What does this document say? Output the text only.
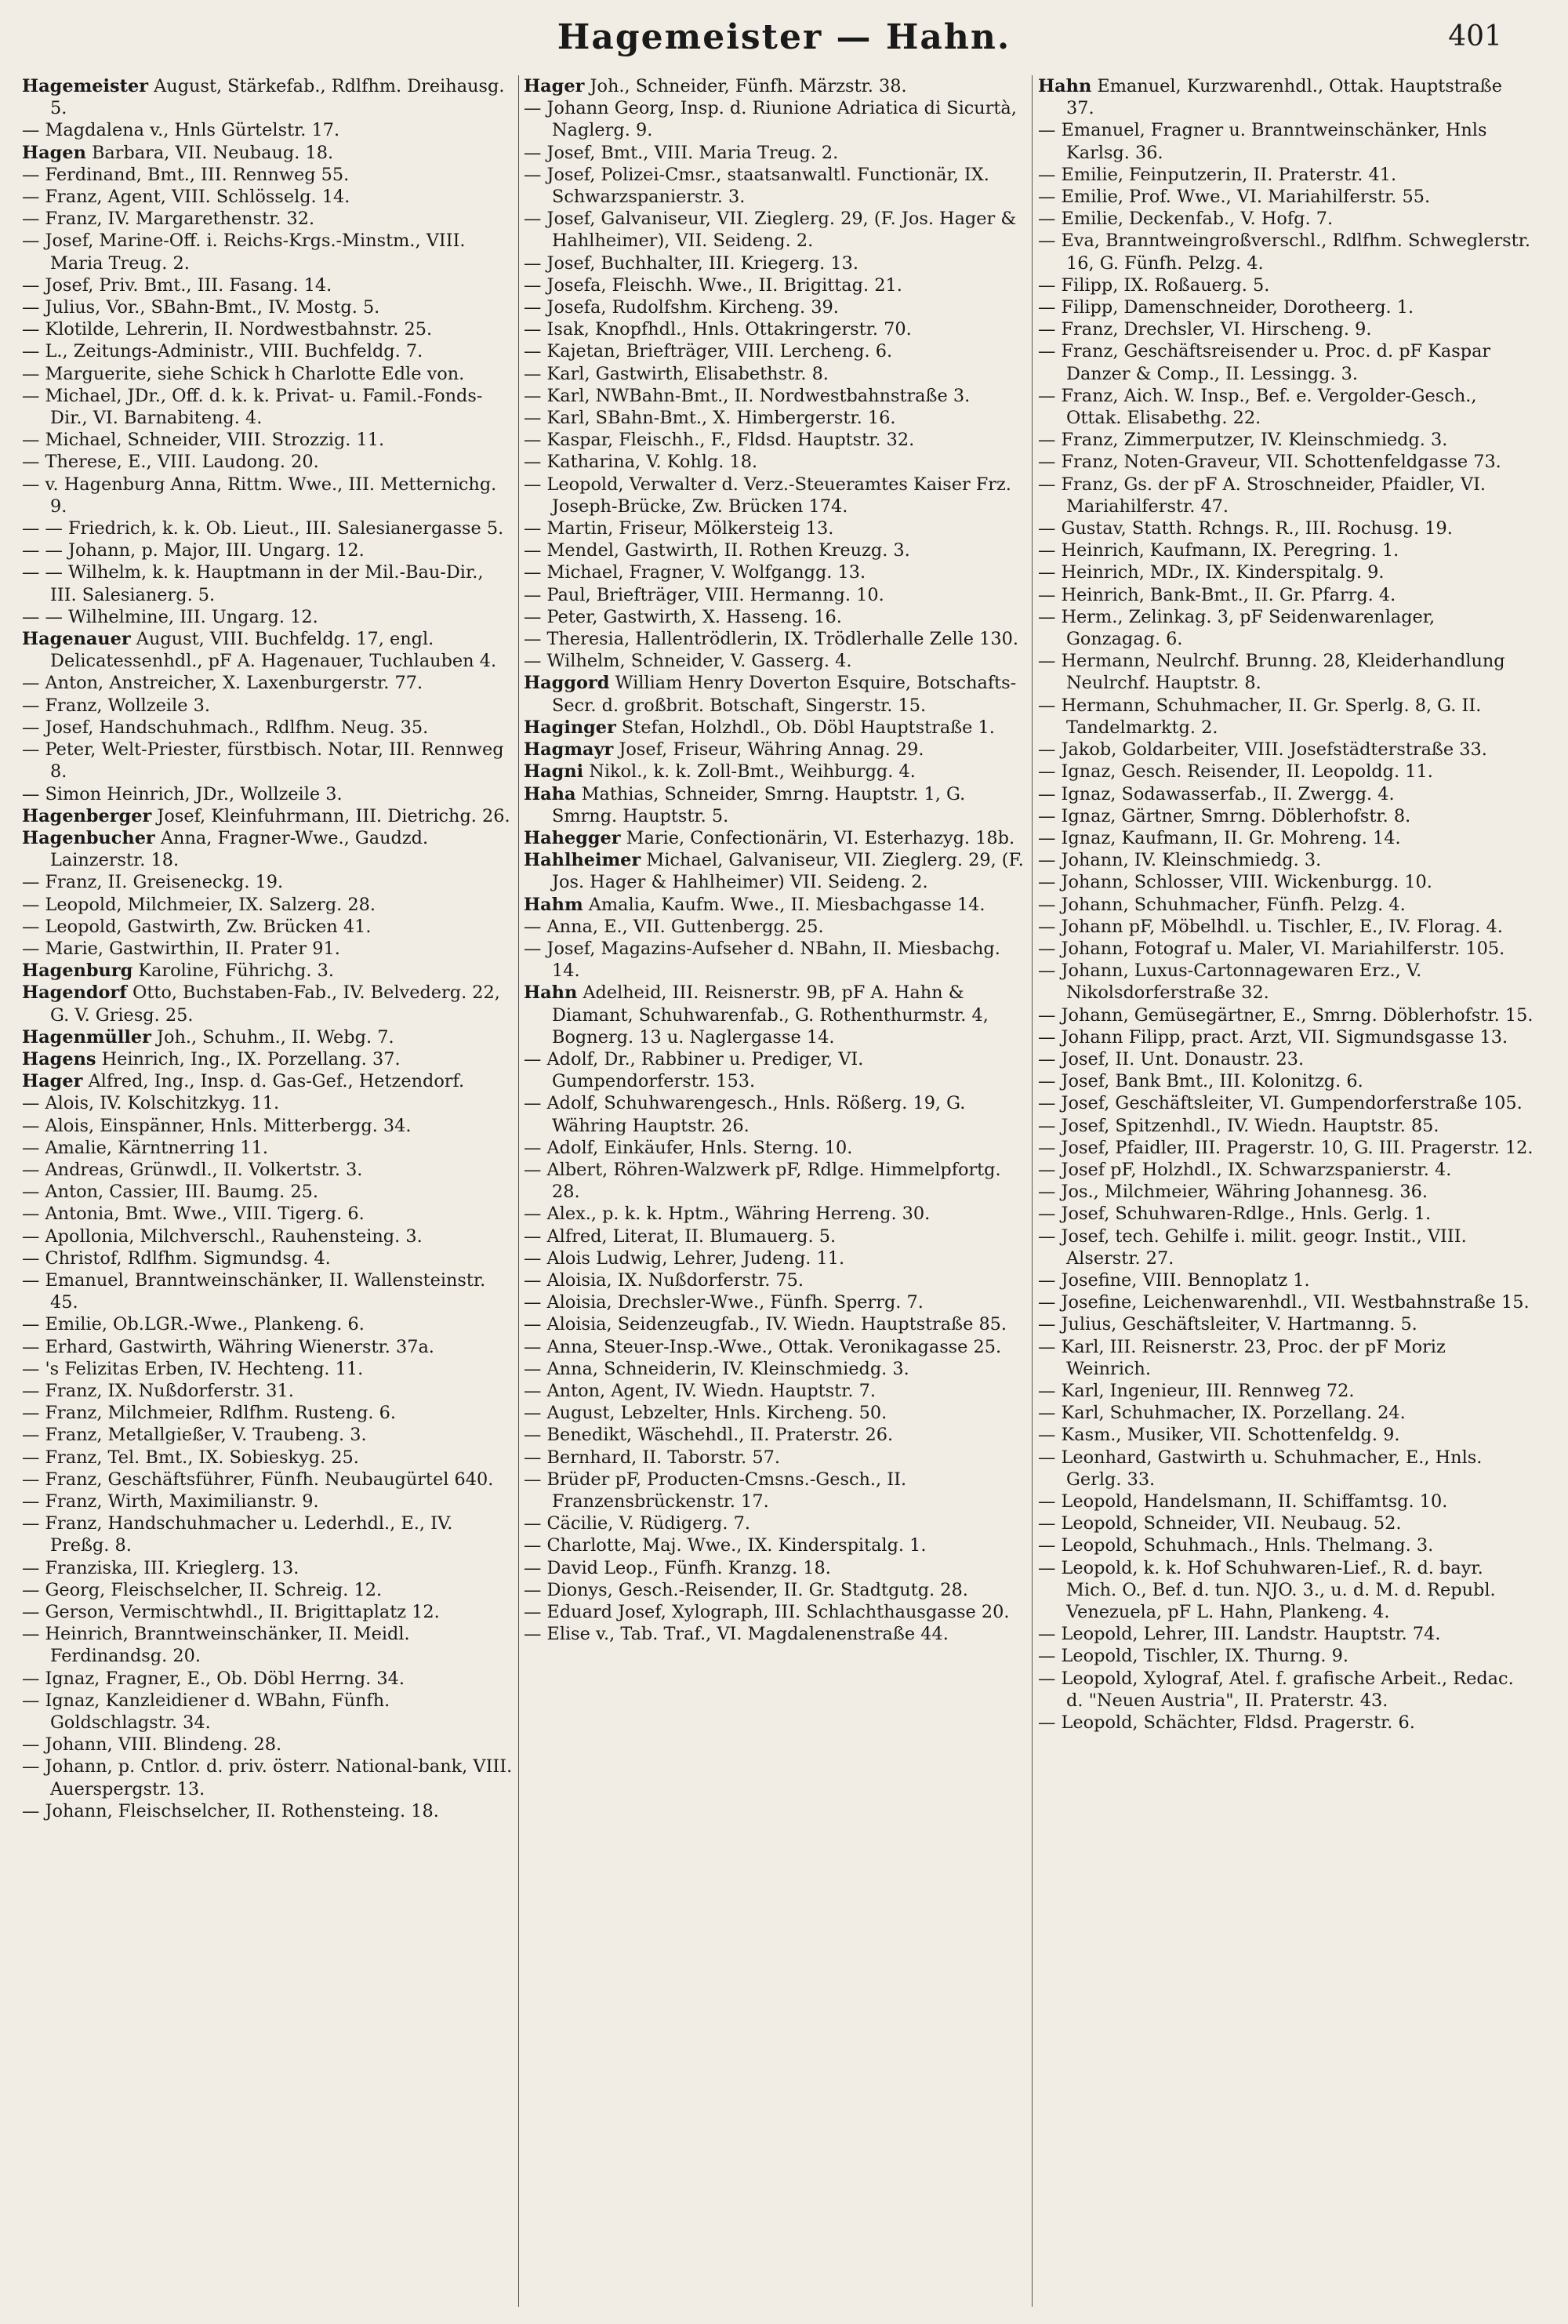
Hagemeister — Hahn.	401
Hagemeister August, Stärkefab., Rdlfhm. Dreihausg. 5.
— Magdalena v., Hnls Gürtelstr. 17.
Hagen Barbara, VII. Neubaug. 18.
— Ferdinand, Bmt., III. Rennweg 55.
— Franz, Agent, VIII. Schlösselg. 14.
— Franz, IV. Margarethenstr. 32.
— Josef, Marine-Off. i. Reichs-Krgs.-Minstm., VIII. Maria Treug. 2.
— Josef, Priv. Bmt., III. Fasang. 14.
— Julius, Vor., SBahn-Bmt., IV. Mostg. 5.
— Klotilde, Lehrerin, II. Nordwestbahnstr. 25.
— L., Zeitungs-Administr., VIII. Buchfeldg. 7.
— Marguerite, siehe Schick h Charlotte Edle von.
— Michael, JDr., Off. d. k. k. Privat- u. Famil.-Fonds-Dir., VI. Barnabiteng. 4.
— Michael, Schneider, VIII. Strozzig. 11.
— Therese, E., VIII. Laudong. 20.
— v. Hagenburg Anna, Rittm. Wwe., III. Metternichg. 9.
— — Friedrich, k. k. Ob. Lieut., III. Salesianergasse 5.
— — Johann, p. Major, III. Ungarg. 12.
— — Wilhelm, k. k. Hauptmann in der Mil.-Bau-Dir., III. Salesianerg. 5.
— — Wilhelmine, III. Ungarg. 12.
Hagenauer August, VIII. Buchfeldg. 17, engl. Delicatessenhdl., pF A. Hagenauer, Tuchlauben 4.
— Anton, Anstreicher, X. Laxenburgerstr. 77.
— Franz, Wollzeile 3.
— Josef, Handschuhmach., Rdlfhm. Neug. 35.
— Peter, Welt-Priester, fürstbisch. Notar, III. Rennweg 8.
— Simon Heinrich, JDr., Wollzeile 3.
Hagenberger Josef, Kleinfuhrmann, III. Dietrichg. 26.
Hagenbucher Anna, Fragner-Wwe., Gaudzd. Lainzerstr. 18.
— Franz, II. Greiseneckg. 19.
— Leopold, Milchmeier, IX. Salzerg. 28.
— Leopold, Gastwirth, Zw. Brücken 41.
— Marie, Gastwirthin, II. Prater 91.
Hagenburg Karoline, Führichg. 3.
Hagendorf Otto, Buchstaben-Fab., IV. Belvederg. 22, G. V. Griesg. 25.
Hagenmüller Joh., Schuhm., II. Webg. 7.
Hagens Heinrich, Ing., IX. Porzellang. 37.
Hager Alfred, Ing., Insp. d. Gas-Gef., Hetzendorf.
— Alois, IV. Kolschitzkyg. 11.
— Alois, Einspänner, Hnls. Mitterbergg. 34.
— Amalie, Kärntnerring 11.
— Andreas, Grünwdl., II. Volkertstr. 3.
— Anton, Cassier, III. Baumg. 25.
— Antonia, Bmt. Wwe., VIII. Tigerg. 6.
— Apollonia, Milchverschl., Rauhensteing. 3.
— Christof, Rdlfhm. Sigmundsg. 4.
— Emanuel, Branntweinschänker, II. Wallensteinstr. 45.
— Emilie, Ob.LGR.-Wwe., Plankeng. 6.
— Erhard, Gastwirth, Währing Wienerstr. 37a.
— 's Felizitas Erben, IV. Hechteng. 11.
— Franz, IX. Nußdorferstr. 31.
— Franz, Milchmeier, Rdlfhm. Rusteng. 6.
— Franz, Metallgießer, V. Traubeng. 3.
— Franz, Tel. Bmt., IX. Sobieskyg. 25.
— Franz, Geschäftsführer, Fünfh. Neubaugürtel 640.
— Franz, Wirth, Maximilianstr. 9.
— Franz, Handschuhmacher u. Lederhdl., E., IV. Preßg. 8.
— Franziska, III. Krieglerg. 13.
— Georg, Fleischselcher, II. Schreig. 12.
— Gerson, Vermischtwhdl., II. Brigittaplatz 12.
— Heinrich, Branntweinschänker, II. Meidl. Ferdinandsg. 20.
— Ignaz, Fragner, E., Ob. Döbl Herrng. 34.
— Ignaz, Kanzleidiener d. WBahn, Fünfh. Goldschlagstr. 34.
— Johann, VIII. Blindeng. 28.
— Johann, p. Cntlor. d. priv. österr. National-bank, VIII. Auerspergstr. 13.
— Johann, Fleischselcher, II. Rothensteing. 18.
Hager Joh., Schneider, Fünfh. Märzstr. 38.
— Johann Georg, Insp. d. Riunione Adriatica di Sicurtà, Naglerg. 9.
— Josef, Bmt., VIII. Maria Treug. 2.
— Josef, Polizei-Cmsr., staatsanwaltl. Functionär, IX. Schwarzspanierstr. 3.
— Josef, Galvaniseur, VII. Zieglerg. 29, (F. Jos. Hager & Hahlheimer), VII. Seideng. 2.
— Josef, Buchhalter, III. Kriegerg. 13.
— Josefa, Fleischh. Wwe., II. Brigittag. 21.
— Josefa, Rudolfshm. Kircheng. 39.
— Isak, Knopfhdl., Hnls. Ottakringerstr. 70.
— Kajetan, Briefträger, VIII. Lercheng. 6.
— Karl, Gastwirth, Elisabethstr. 8.
— Karl, NWBahn-Bmt., II. Nordwestbahnstraße 3.
— Karl, SBahn-Bmt., X. Himbergerstr. 16.
— Kaspar, Fleischh., F., Fldsd. Hauptstr. 32.
— Katharina, V. Kohlg. 18.
— Leopold, Verwalter d. Verz.-Steueramtes Kaiser Frz. Joseph-Brücke, Zw. Brücken 174.
— Martin, Friseur, Mölkersteig 13.
— Mendel, Gastwirth, II. Rothen Kreuzg. 3.
— Michael, Fragner, V. Wolfgangg. 13.
— Paul, Briefträger, VIII. Hermanng. 10.
— Peter, Gastwirth, X. Hasseng. 16.
— Theresia, Hallentrödlerin, IX. Trödlerhalle Zelle 130.
— Wilhelm, Schneider, V. Gasserg. 4.
Haggord William Henry Doverton Esquire, Botschafts-Secr. d. großbrit. Botschaft, Singerstr. 15.
Haginger Stefan, Holzhdl., Ob. Döbl Hauptstraße 1.
Hagmayr Josef, Friseur, Währing Annag. 29.
Hagni Nikol., k. k. Zoll-Bmt., Weihburgg. 4.
Haha Mathias, Schneider, Smrng. Hauptstr. 1, G. Smrng. Hauptstr. 5.
Hahegger Marie, Confectionärin, VI. Esterhazyg. 18b.
Hahlheimer Michael, Galvaniseur, VII. Zieglerg. 29, (F. Jos. Hager & Hahlheimer) VII. Seideng. 2.
Hahm Amalia, Kaufm. Wwe., II. Miesbachgasse 14.
— Anna, E., VII. Guttenbergg. 25.
— Josef, Magazins-Aufseher d. NBahn, II. Miesbachg. 14.
Hahn Adelheid, III. Reisnerstr. 9B, pF A. Hahn & Diamant, Schuhwarenfab., G. Rothenthurmstr. 4, Bognerg. 13 u. Naglergasse 14.
— Adolf, Dr., Rabbiner u. Prediger, VI. Gumpendorferstr. 153.
— Adolf, Schuhwarengesch., Hnls. Rößerg. 19, G. Währing Hauptstr. 26.
— Adolf, Einkäufer, Hnls. Sterng. 10.
— Albert, Röhren-Walzwerk pF, Rdlge. Himmelpfortg. 28.
— Alex., p. k. k. Hptm., Währing Herreng. 30.
— Alfred, Literat, II. Blumauerg. 5.
— Alois Ludwig, Lehrer, Judeng. 11.
— Aloisia, IX. Nußdorferstr. 75.
— Aloisia, Drechsler-Wwe., Fünfh. Sperrg. 7.
— Aloisia, Seidenzeugfab., IV. Wiedn. Hauptstraße 85.
— Anna, Steuer-Insp.-Wwe., Ottak. Veronikagasse 25.
— Anna, Schneiderin, IV. Kleinschmiedg. 3.
— Anton, Agent, IV. Wiedn. Hauptstr. 7.
— August, Lebzelter, Hnls. Kircheng. 50.
— Benedikt, Wäschehdl., II. Praterstr. 26.
— Bernhard, II. Taborstr. 57.
— Brüder pF, Producten-Cmsns.-Gesch., II. Franzensbrückenstr. 17.
— Cäcilie, V. Rüdigerg. 7.
— Charlotte, Maj. Wwe., IX. Kinderspitalg. 1.
— David Leop., Fünfh. Kranzg. 18.
— Dionys, Gesch.-Reisender, II. Gr. Stadtgutg. 28.
— Eduard Josef, Xylograph, III. Schlachthausgasse 20.
— Elise v., Tab. Traf., VI. Magdalenenstraße 44.
Hahn Emanuel, Kurzwarenhdl., Ottak. Hauptstraße 37.
— Emanuel, Fragner u. Branntweinschänker, Hnls Karlsg. 36.
— Emilie, Feinputzerin, II. Praterstr. 41.
— Emilie, Prof. Wwe., VI. Mariahilferstr. 55.
— Emilie, Deckenfab., V. Hofg. 7.
— Eva, Branntweingroßverschl., Rdlfhm. Schweglerstr. 16, G. Fünfh. Pelzg. 4.
— Filipp, IX. Roßauerg. 5.
— Filipp, Damenschneider, Dorotheerg. 1.
— Franz, Drechsler, VI. Hirscheng. 9.
— Franz, Geschäftsreisender u. Proc. d. pF Kaspar Danzer & Comp., II. Lessingg. 3.
— Franz, Aich. W. Insp., Bef. e. Vergolder-Gesch., Ottak. Elisabethg. 22.
— Franz, Zimmerputzer, IV. Kleinschmiedg. 3.
— Franz, Noten-Graveur, VII. Schottenfeldgasse 73.
— Franz, Gs. der pF A. Stroschneider, Pfaidler, VI. Mariahilferstr. 47.
— Gustav, Statth. Rchngs. R., III. Rochusg. 19.
— Heinrich, Kaufmann, IX. Peregring. 1.
— Heinrich, MDr., IX. Kinderspitalg. 9.
— Heinrich, Bank-Bmt., II. Gr. Pfarrg. 4.
— Herm., Zelinkag. 3, pF Seidenwarenlager, Gonzagag. 6.
— Hermann, Neulrchf. Brunng. 28, Kleiderhandlung Neulrchf. Hauptstr. 8.
— Hermann, Schuhmacher, II. Gr. Sperlg. 8, G. II. Tandelmarktg. 2.
— Jakob, Goldarbeiter, VIII. Josefstädterstraße 33.
— Ignaz, Gesch. Reisender, II. Leopoldg. 11.
— Ignaz, Sodawasserfab., II. Zwergg. 4.
— Ignaz, Gärtner, Smrng. Döblerhofstr. 8.
— Ignaz, Kaufmann, II. Gr. Mohreng. 14.
— Johann, IV. Kleinschmiedg. 3.
— Johann, Schlosser, VIII. Wickenburgg. 10.
— Johann, Schuhmacher, Fünfh. Pelzg. 4.
— Johann pF, Möbelhdl. u. Tischler, E., IV. Florag. 4.
— Johann, Fotograf u. Maler, VI. Mariahilferstr. 105.
— Johann, Luxus-Cartonnagewaren Erz., V. Nikolsdorferstraße 32.
— Johann, Gemüsegärtner, E., Smrng. Döblerhofstr. 15.
— Johann Filipp, pract. Arzt, VII. Sigmundsgasse 13.
— Josef, II. Unt. Donaustr. 23.
— Josef, Bank Bmt., III. Kolonitzg. 6.
— Josef, Geschäftsleiter, VI. Gumpendorferstraße 105.
— Josef, Spitzenhdl., IV. Wiedn. Hauptstr. 85.
— Josef, Pfaidler, III. Pragerstr. 10, G. III. Pragerstr. 12.
— Josef pF, Holzhdl., IX. Schwarzspanierstr. 4.
— Jos., Milchmeier, Währing Johannesg. 36.
— Josef, Schuhwaren-Rdlge., Hnls. Gerlg. 1.
— Josef, tech. Gehilfe i. milit. geogr. Instit., VIII. Alserstr. 27.
— Josefine, VIII. Bennoplatz 1.
— Josefine, Leichenwarenhdl., VII. Westbahnstraße 15.
— Julius, Geschäftsleiter, V. Hartmanng. 5.
— Karl, III. Reisnerstr. 23, Proc. der pF Moriz Weinrich.
— Karl, Ingenieur, III. Rennweg 72.
— Karl, Schuhmacher, IX. Porzellang. 24.
— Kasm., Musiker, VII. Schottenfeldg. 9.
— Leonhard, Gastwirth u. Schuhmacher, E., Hnls. Gerlg. 33.
— Leopold, Handelsmann, II. Schiffamtsg. 10.
— Leopold, Schneider, VII. Neubaug. 52.
— Leopold, Schuhmach., Hnls. Thelmang. 3.
— Leopold, k. k. Hof Schuhwaren-Lief., R. d. bayr. Mich. O., Bef. d. tun. NJO. 3., u. d. M. d. Republ. Venezuela, pF L. Hahn, Plankeng. 4.
— Leopold, Lehrer, III. Landstr. Hauptstr. 74.
— Leopold, Tischler, IX. Thurng. 9.
— Leopold, Xylograf, Atel. f. grafische Arbeit., Redac. d. "Neuen Austria", II. Praterstr. 43.
— Leopold, Schächter, Fldsd. Pragerstr. 6.
